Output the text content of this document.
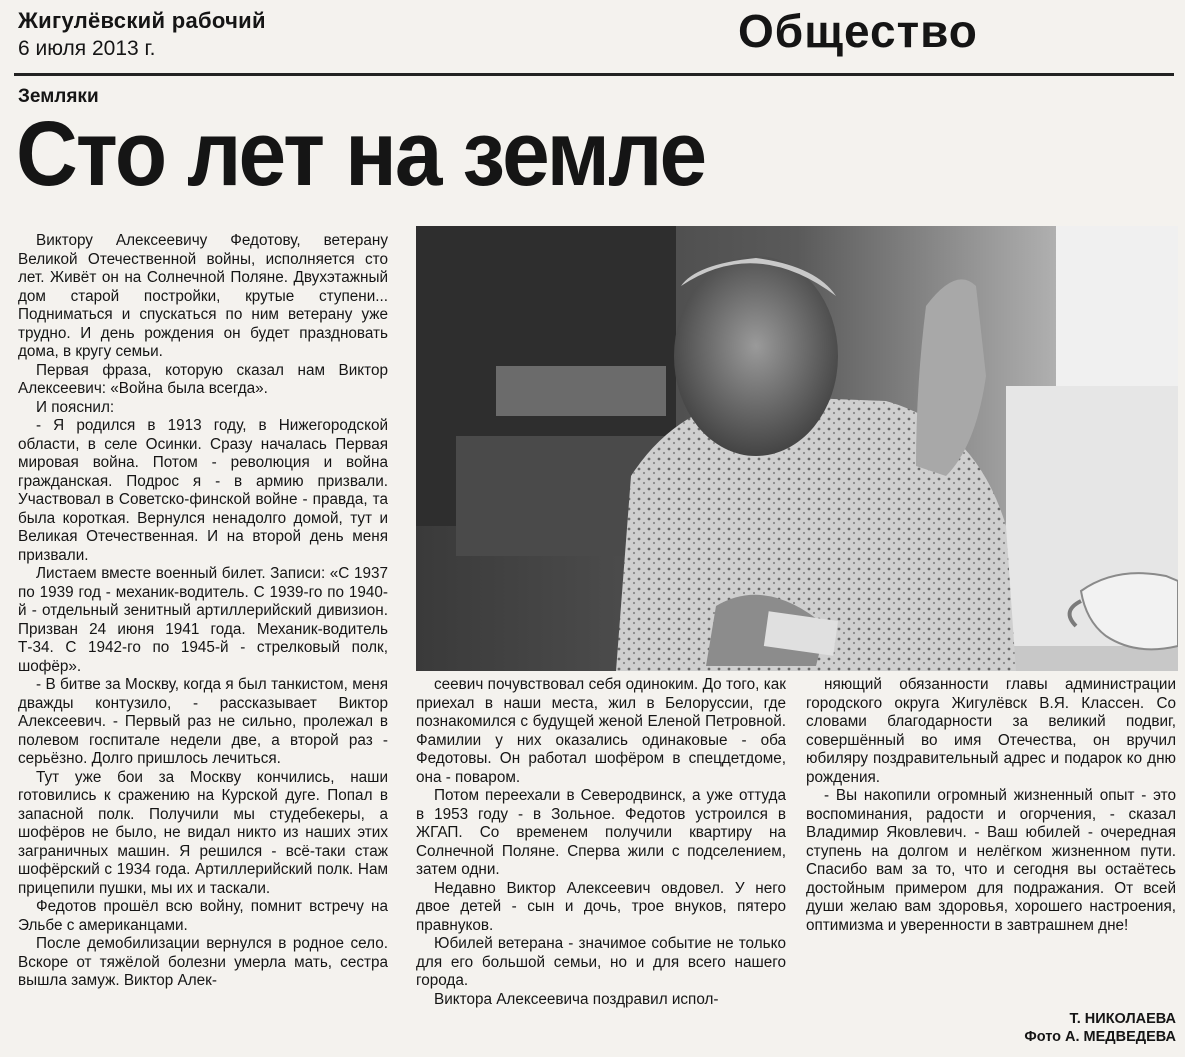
Жигулёвский рабочий
6 июля 2013 г.	Общество
Земляки
Сто лет на земле

Виктору Алексеевичу Федотову, ветерану Великой Отечественной войны, исполняется сто лет. Живёт он на Солнечной Поляне. Двухэтажный дом старой постройки, крутые ступени... Подниматься и спускаться по ним ветерану уже трудно. И день рождения он будет праздновать дома, в кругу семьи.

Первая фраза, которую сказал нам Виктор Алексеевич: «Война была всегда».

И пояснил:

- Я родился в 1913 году, в Нижегородской области, в селе Осинки. Сразу началась Первая мировая война. Потом - революция и война гражданская. Подрос я - в армию призвали. Участвовал в Советско-финской войне - правда, та была короткая. Вернулся ненадолго домой, тут и Великая Отечественная. И на второй день меня призвали.

Листаем вместе военный билет. Записи: «С 1937 по 1939 год - механик-водитель. С 1939-го по 1940-й - отдельный зенитный артиллерийский дивизион. Призван 24 июня 1941 года. Механик-водитель Т-34. С 1942-го по 1945-й - стрелковый полк, шофёр».

- В битве за Москву, когда я был танкистом, меня дважды контузило, - рассказывает Виктор Алексеевич. - Первый раз не сильно, пролежал в полевом госпитале недели две, а второй раз - серьёзно. Долго пришлось лечиться.

Тут уже бои за Москву кончились, наши готовились к сражению на Курской дуге. Попал в запасной полк. Получили мы студебекеры, а шофёров не было, не видал никто из наших этих заграничных машин. Я решился - всё-таки стаж шофёрский с 1934 года. Артиллерийский полк. Нам прицепили пушки, мы их и таскали.

Федотов прошёл всю войну, помнит встречу на Эльбе с американцами.

После демобилизации вернулся в родное село. Вскоре от тяжёлой болезни умерла мать, сестра вышла замуж. Виктор Алек-

сеевич почувствовал себя одиноким. До того, как приехал в наши места, жил в Белоруссии, где познакомился с будущей женой Еленой Петровной. Фамилии у них оказались одинаковые - оба Федотовы. Он работал шофёром в спецдетдоме, она - поваром.

Потом переехали в Северодвинск, а уже оттуда в 1953 году - в Зольное. Федотов устроился в ЖГАП. Со временем получили квартиру на Солнечной Поляне. Сперва жили с подселением, затем одни.

Недавно Виктор Алексеевич овдовел. У него двое детей - сын и дочь, трое внуков, пятеро правнуков.

Юбилей ветерана - значимое событие не только для его большой семьи, но и для всего нашего города.

Виктора Алексеевича поздравил испол-

няющий обязанности главы администрации городского округа Жигулёвск В.Я. Классен. Со словами благодарности за великий подвиг, совершённый во имя Отечества, он вручил юбиляру поздравительный адрес и подарок ко дню рождения.

- Вы накопили огромный жизненный опыт - это воспоминания, радости и огорчения, - сказал Владимир Яковлевич. - Ваш юбилей - очередная ступень на долгом и нелёгком жизненном пути. Спасибо вам за то, что и сегодня вы остаётесь достойным примером для подражания. От всей души желаю вам здоровья, хорошего настроения, оптимизма и уверенности в завтрашнем дне!

Т. НИКОЛАЕВА
Фото А. МЕДВЕДЕВА
